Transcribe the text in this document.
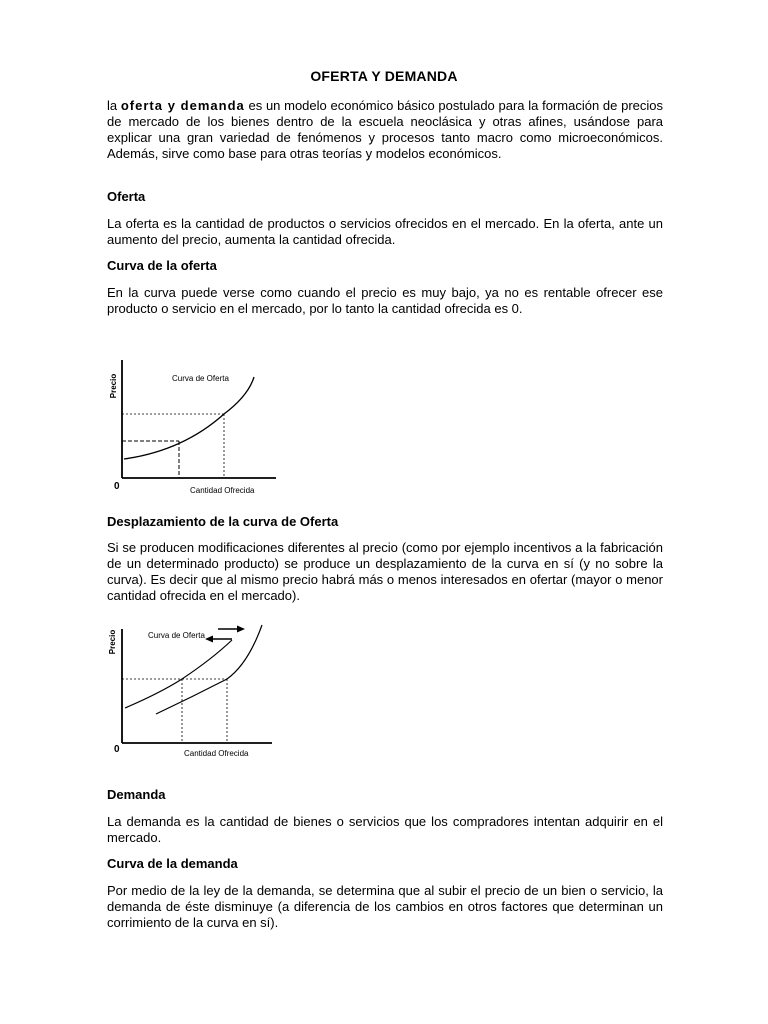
OFERTA Y DEMANDA
la oferta y demanda es un modelo económico básico postulado para la formación de precios de mercado de los bienes dentro de la escuela neoclásica y otras afines, usándose para explicar una gran variedad de fenómenos y procesos tanto macro como microeconómicos. Además, sirve como base para otras teorías y modelos económicos.
Oferta
La oferta es la cantidad de productos o servicios ofrecidos en el mercado. En la oferta, ante un aumento del precio, aumenta la cantidad ofrecida.
Curva de la oferta
En la curva puede verse como cuando el precio es muy bajo, ya no es rentable ofrecer ese producto o servicio en el mercado, por lo tanto la cantidad ofrecida es 0.
Precio
0	Cantidad Ofrecida
Curva de Oferta
Desplazamiento de la curva de Oferta
Si se producen modificaciones diferentes al precio (como por ejemplo incentivos a la fabricación de un determinado producto) se produce un desplazamiento de la curva en sí (y no sobre la curva). Es decir que al mismo precio habrá más o menos interesados en ofertar (mayor o menor cantidad ofrecida en el mercado).
Precio
0	Cantidad Ofrecida
Curva de Oferta
Demanda
La demanda es la cantidad de bienes o servicios que los compradores intentan adquirir en el mercado.
Curva de la demanda
Por medio de la ley de la demanda, se determina que al subir el precio de un bien o servicio, la demanda de éste disminuye (a diferencia de los cambios en otros factores que determinan un corrimiento de la curva en sí).
